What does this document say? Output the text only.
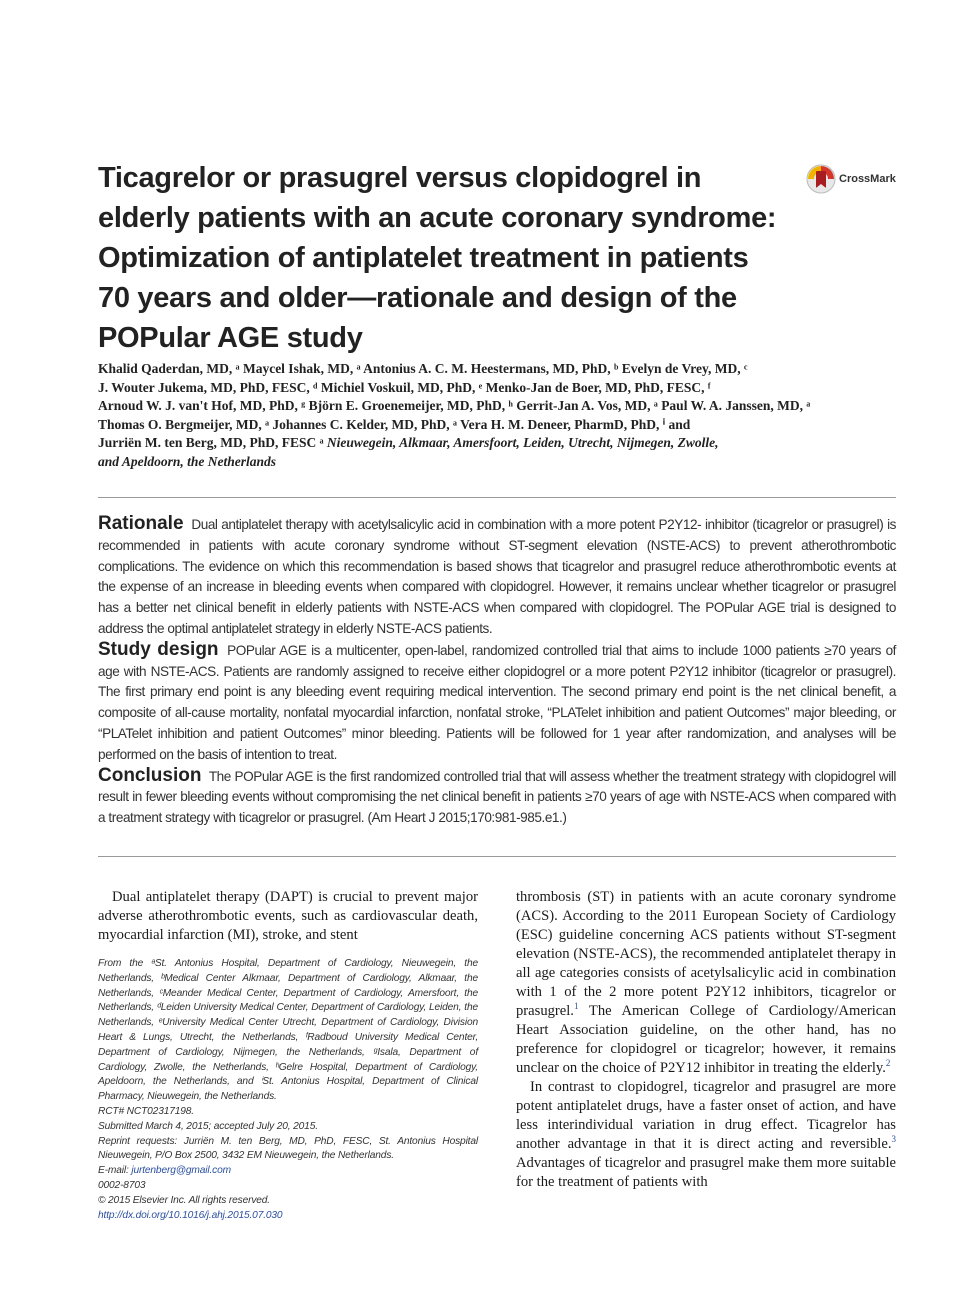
Ticagrelor or prasugrel versus clopidogrel in
elderly patients with an acute coronary syndrome:
Optimization of antiplatelet treatment in patients
70 years and older—rationale and design of the
POPular AGE study
CrossMark
Khalid Qaderdan, MD, ᵃ Maycel Ishak, MD, ᵃ Antonius A. C. M. Heestermans, MD, PhD, ᵇ Evelyn de Vrey, MD, ᶜ
J. Wouter Jukema, MD, PhD, FESC, ᵈ Michiel Voskuil, MD, PhD, ᵉ Menko-Jan de Boer, MD, PhD, FESC, ᶠ
Arnoud W. J. van't Hof, MD, PhD, ᵍ Björn E. Groenemeijer, MD, PhD, ʰ Gerrit-Jan A. Vos, MD, ᵃ Paul W. A. Janssen, MD, ᵃ
Thomas O. Bergmeijer, MD, ᵃ Johannes C. Kelder, MD, PhD, ᵃ Vera H. M. Deneer, PharmD, PhD, ⁱ and
Jurriën M. ten Berg, MD, PhD, FESC ᵃ Nieuwegein, Alkmaar, Amersfoort, Leiden, Utrecht, Nijmegen, Zwolle,
and Apeldoorn, the Netherlands

Rationale Dual antiplatelet therapy with acetylsalicylic acid in combination with a more potent P2Y12- inhibitor (ticagrelor or prasugrel) is recommended in patients with acute coronary syndrome without ST-segment elevation (NSTE-ACS) to prevent atherothrombotic complications. The evidence on which this recommendation is based shows that ticagrelor and prasugrel reduce atherothrombotic events at the expense of an increase in bleeding events when compared with clopidogrel. However, it remains unclear whether ticagrelor or prasugrel has a better net clinical benefit in elderly patients with NSTE-ACS when compared with clopidogrel. The POPular AGE trial is designed to address the optimal antiplatelet strategy in elderly NSTE-ACS patients.

Study design POPular AGE is a multicenter, open-label, randomized controlled trial that aims to include 1000 patients ≥70 years of age with NSTE-ACS. Patients are randomly assigned to receive either clopidogrel or a more potent P2Y12 inhibitor (ticagrelor or prasugrel). The first primary end point is any bleeding event requiring medical intervention. The second primary end point is the net clinical benefit, a composite of all-cause mortality, nonfatal myocardial infarction, nonfatal stroke, “PLATelet inhibition and patient Outcomes” major bleeding, or “PLATelet inhibition and patient Outcomes” minor bleeding. Patients will be followed for 1 year after randomization, and analyses will be performed on the basis of intention to treat.

Conclusion The POPular AGE is the first randomized controlled trial that will assess whether the treatment strategy with clopidogrel will result in fewer bleeding events without compromising the net clinical benefit in patients ≥70 years of age with NSTE-ACS when compared with a treatment strategy with ticagrelor or prasugrel. (Am Heart J 2015;170:981-985.e1.)

Dual antiplatelet therapy (DAPT) is crucial to prevent major adverse atherothrombotic events, such as cardiovascular death, myocardial infarction (MI), stroke, and stent

From the ᵃSt. Antonius Hospital, Department of Cardiology, Nieuwegein, the Netherlands, ᵇMedical Center Alkmaar, Department of Cardiology, Alkmaar, the Netherlands, ᶜMeander Medical Center, Department of Cardiology, Amersfoort, the Netherlands, ᵈLeiden University Medical Center, Department of Cardiology, Leiden, the Netherlands, ᵉUniversity Medical Center Utrecht, Department of Cardiology, Division Heart & Lungs, Utrecht, the Netherlands, ᶠRadboud University Medical Center, Department of Cardiology, Nijmegen, the Netherlands, ᵍIsala, Department of Cardiology, Zwolle, the Netherlands, ʰGelre Hospital, Department of Cardiology, Apeldoorn, the Netherlands, and ⁱSt. Antonius Hospital, Department of Clinical Pharmacy, Nieuwegein, the Netherlands.

RCT# NCT02317198.

Submitted March 4, 2015; accepted July 20, 2015.

Reprint requests: Jurriën M. ten Berg, MD, PhD, FESC, St. Antonius Hospital Nieuwegein, P/O Box 2500, 3432 EM Nieuwegein, the Netherlands.

E-mail: jurtenberg@gmail.com

0002-8703

© 2015 Elsevier Inc. All rights reserved.

http://dx.doi.org/10.1016/j.ahj.2015.07.030

thrombosis (ST) in patients with an acute coronary syndrome (ACS). According to the 2011 European Society of Cardiology (ESC) guideline concerning ACS patients without ST-segment elevation (NSTE-ACS), the recommended antiplatelet therapy in all age categories consists of acetylsalicylic acid in combination with 1 of the 2 more potent P2Y12 inhibitors, ticagrelor or prasugrel.$^1$ The American College of Cardiology/American Heart Association guideline, on the other hand, has no preference for clopidogrel or ticagrelor; however, it remains unclear on the choice of P2Y12 inhibitor in treating the elderly.$^2$

In contrast to clopidogrel, ticagrelor and prasugrel are more potent antiplatelet drugs, have a faster onset of action, and have less interindividual variation in drug effect. Ticagrelor has another advantage in that it is direct acting and reversible.$^3$ Advantages of ticagrelor and prasugrel make them more suitable for the treatment of patients with
